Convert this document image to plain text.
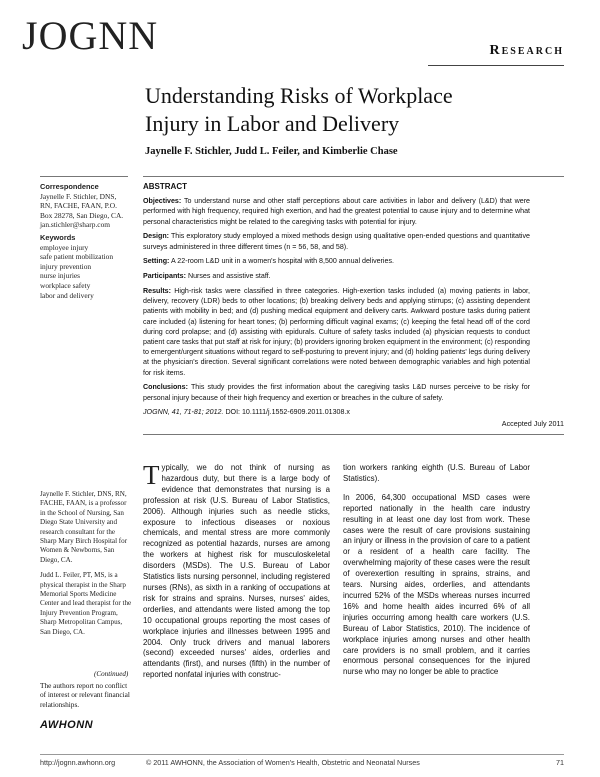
JOGNN	Research
Understanding Risks of Workplace
Injury in Labor and Delivery
Jaynelle F. Stichler, Judd L. Feiler, and Kimberlie Chase
Correspondence
Jaynelle F. Stichler, DNS,
RN, FACHE, FAAN, P.O.
Box 28278, San Diego, CA.
jan.stichler@sharp.com
Keywords
employee injury
safe patient mobilization
injury prevention
nurse injuries
workplace safety
labor and delivery
ABSTRACT

Objectives: To understand nurse and other staff perceptions about care activities in labor and delivery (L&D) that were performed with high frequency, required high exertion, and had the greatest potential to cause injury and to determine what personal characteristics might be related to the caregiving tasks with potential for injury.

Design: This exploratory study employed a mixed methods design using qualitative open-ended questions and quantitative surveys administered in three different times (n = 56, 58, and 58).

Setting: A 22-room L&D unit in a women's hospital with 8,500 annual deliveries.

Participants: Nurses and assistive staff.

Results: High-risk tasks were classified in three categories. High-exertion tasks included (a) moving patients in labor, delivery, recovery (LDR) beds to other locations; (b) breaking delivery beds and applying stirrups; (c) assisting dependent patients with mobility in bed; and (d) pushing medical equipment and delivery carts. Awkward posture tasks during patient care included (a) listening for heart tones; (b) performing difficult vaginal exams; (c) keeping the fetal head off of the cord during cord prolapse; and (d) assisting with epidurals. Culture of safety tasks included (a) physician requests to conduct patient care tasks that put staff at risk for injury; (b) providers ignoring broken equipment in the environment; (c) responding to emergent/urgent situations without regard to self-posturing to prevent injury; and (d) holding patients' legs during delivery at the physician's direction. Several significant correlations were noted between demographic variables and high potential for risk items.

Conclusions: This study provides the first information about the caregiving tasks L&D nurses perceive to be risky for personal injury because of their high frequency and exertion or breaches in the culture of safety.

JOGNN, 41, 71-81; 2012. DOI: 10.1111/j.1552-6909.2011.01308.x

Accepted July 2011

Jaynelle F. Stichler, DNS, RN, FACHE, FAAN, is a professor in the School of Nursing, San Diego State University and research consultant for the Sharp Mary Birch Hospital for Women & Newborns, San Diego, CA.

Judd L. Feiler, PT, MS, is a physical therapist in the Sharp Memorial Sports Medicine Center and lead therapist for the Injury Prevention Program, Sharp Metropolitan Campus, San Diego, CA.

(Continued)
The authors report no conflict of interest or relevant financial relationships.
AWHONN

Typically, we do not think of nursing as hazardous duty, but there is a large body of evidence that demonstrates that nursing is a profession at risk (U.S. Bureau of Labor Statistics, 2006). Although injuries such as needle sticks, exposure to infectious diseases or noxious chemicals, and mental stress are more commonly recognized as potential hazards, nurses are among the workers at highest risk for musculoskeletal disorders (MSDs). The U.S. Bureau of Labor Statistics lists nursing personnel, including registered nurses (RNs), as sixth in a ranking of occupations at risk for strains and sprains. Nurses, nurses' aides, orderlies, and attendants were listed among the top 10 occupational groups reporting the most cases of workplace injuries and illnesses between 1995 and 2004. Only truck drivers and manual laborers (second) exceeded nurses' aides, orderlies and attendants (first), and nurses (fifth) in the number of reported nonfatal injuries with construc-

tion workers ranking eighth (U.S. Bureau of Labor Statistics).

In 2006, 64,300 occupational MSD cases were reported nationally in the health care industry resulting in at least one day lost from work. These cases were the result of care provisions sustaining an injury or illness in the provision of care to a patient or a resident of a health care facility. The overwhelming majority of these cases were the result of overexertion resulting in sprains, strains, and tears. Nursing aides, orderlies, and attendants incurred 52% of the MSDs whereas nurses incurred 16% and home health aides incurred 6% of all injuries occurring among health care workers (U.S. Bureau of Labor Statistics, 2010). The incidence of workplace injuries among nurses and other health care providers is no small problem, and it carries enormous personal consequences for the injured nurse who may no longer be able to practice

http://jognn.awhonn.org	© 2011 AWHONN, the Association of Women's Health, Obstetric and Neonatal Nurses	71
